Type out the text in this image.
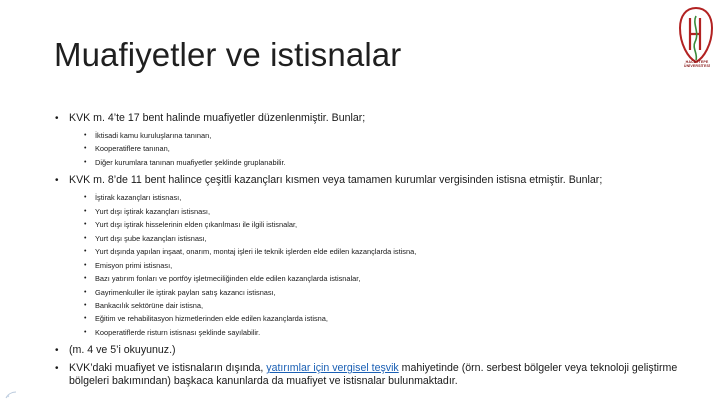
Muafiyetler ve istisnalar	HACETTEPE ÜNİVERSİTESİ
• KVK m. 4’te 17 bent halinde muafiyetler düzenlenmiştir. Bunlar;
• İktisadi kamu kuruluşlarına tanınan,
• Kooperatiflere tanınan,
• Diğer kurumlara tanınan muafiyetler şeklinde gruplanabilir.
• KVK m. 8’de 11 bent halince çeşitli kazançları kısmen veya tamamen kurumlar vergisinden istisna etmiştir. Bunlar;
• İştirak kazançları istisnası,
• Yurt dışı iştirak kazançları istisnası,
• Yurt dışı iştirak hisselerinin elden çıkarılması ile ilgili istisnalar,
• Yurt dışı şube kazançları istisnası,
• Yurt dışında yapılan inşaat, onarım, montaj işleri ile teknik işlerden elde edilen kazançlarda istisna,
• Emisyon primi istisnası,
• Bazı yatırım fonları ve portföy işletmeciliğinden elde edilen kazançlarda istisnalar,
• Gayrimenkuller ile iştirak payları satış kazancı istisnası,
• Bankacılık sektörüne dair istisna,
• Eğitim ve rehabilitasyon hizmetlerinden elde edilen kazançlarda istisna,
• Kooperatiflerde risturn istisnası şeklinde sayılabilir.
• (m. 4 ve 5’i okuyunuz.)
• KVK’daki muafiyet ve istisnaların dışında, yatırımlar için vergisel teşvik mahiyetinde (örn. serbest bölgeler veya teknoloji geliştirme bölgeleri bakımından) başkaca kanunlarda da muafiyet ve istisnalar bulunmaktadır.
